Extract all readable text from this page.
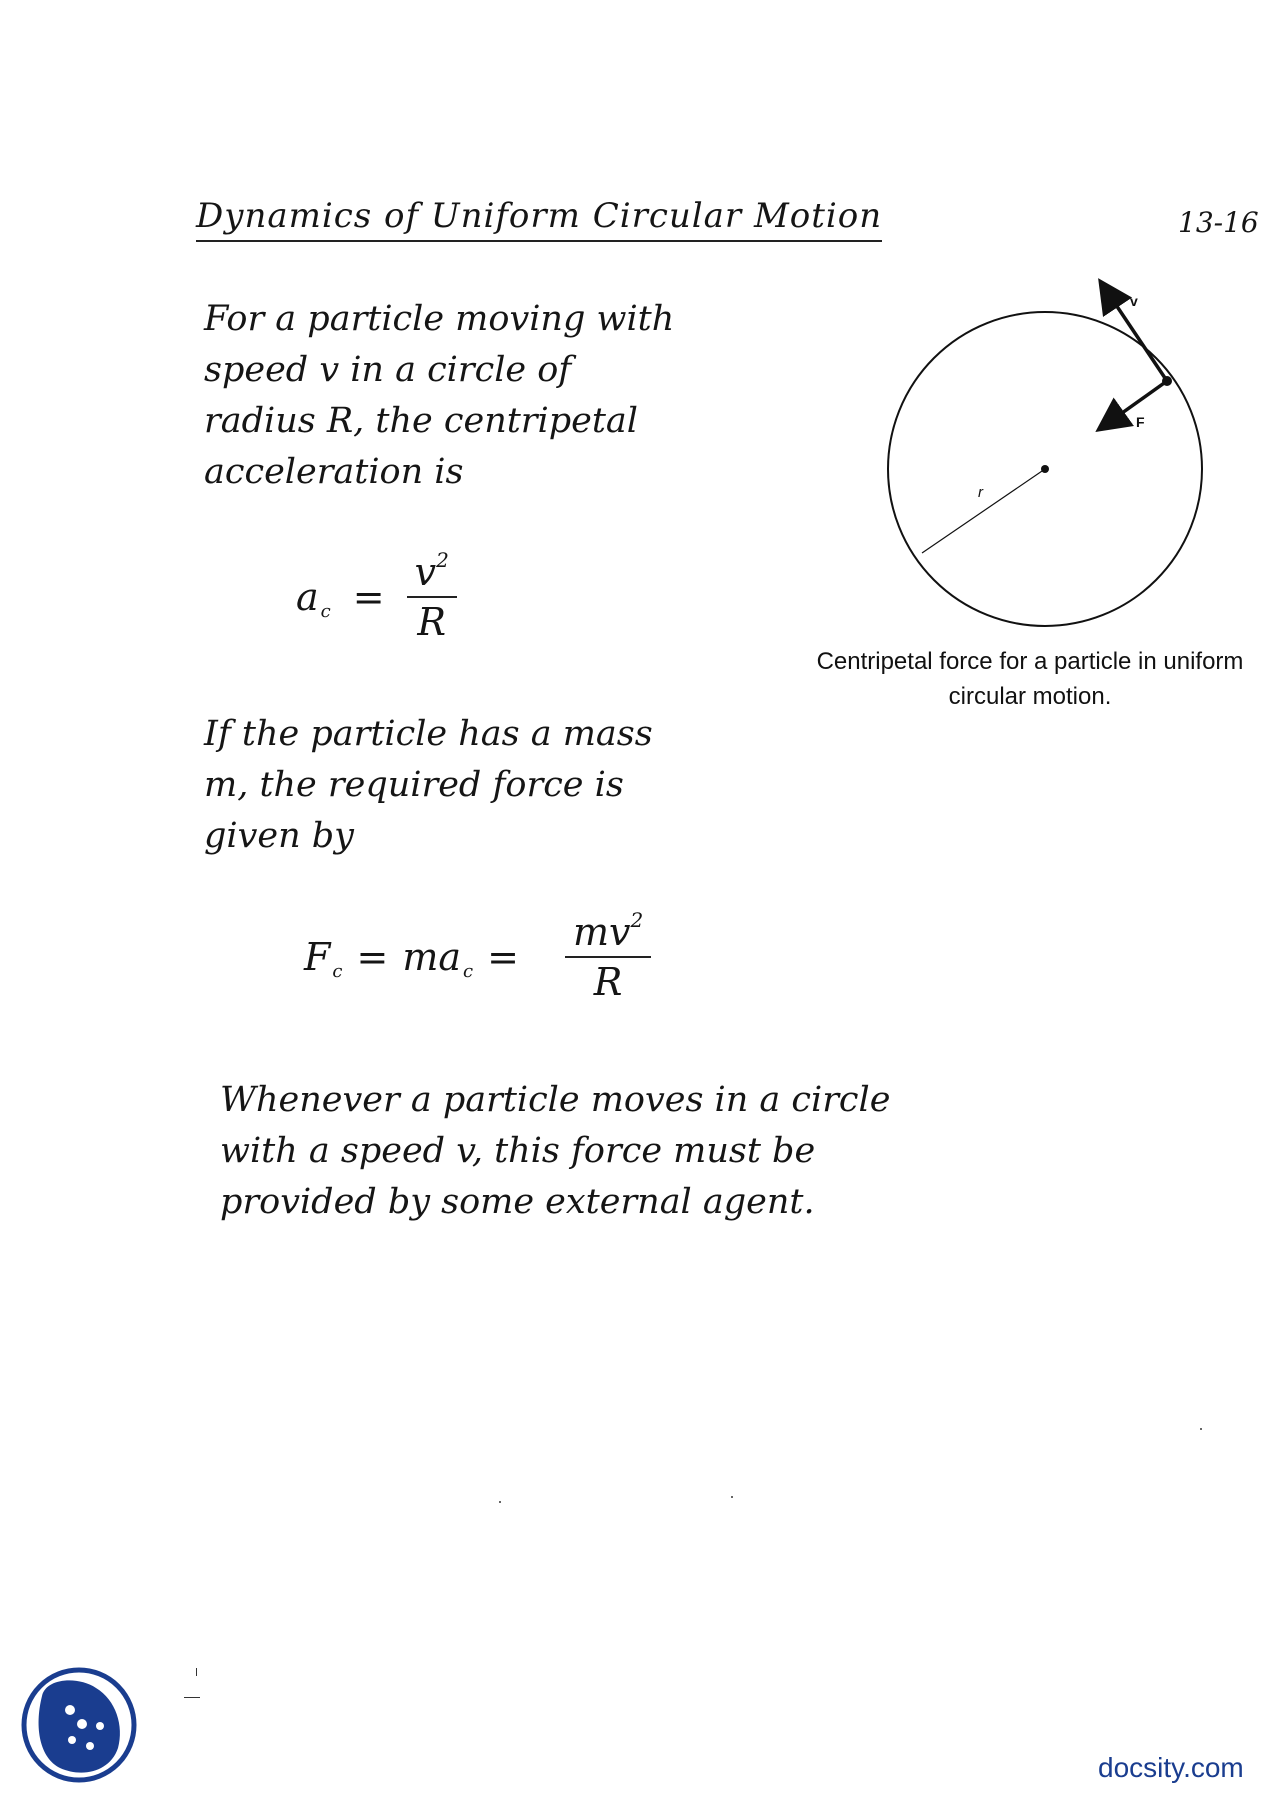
Dynamics of Uniform Circular Motion	13-16
For a particle moving with
speed v in a circle of
radius R, the centripetal
acceleration is
a $c = \frac{v^2}{R}$
If the particle has a mass
m, the required force is
given by
F c = ma $c = \frac{mv^2}{R}$
Whenever a particle moves in a circle
with a speed v, this force must be
provided by some external agent.
r
v
F
Centripetal force for a particle in uniform circular motion.
docsity.com
